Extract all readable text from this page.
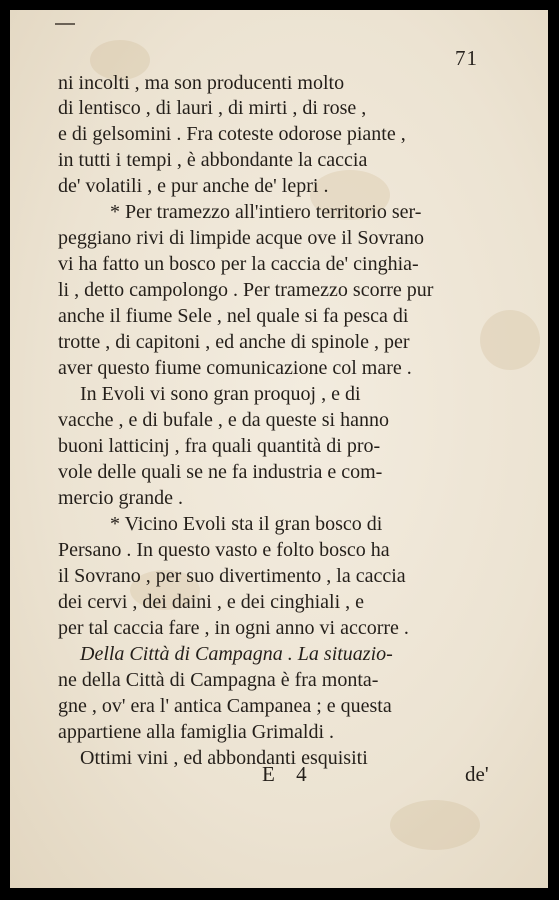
71
ni incolti , ma son producenti molto
di lentisco , di lauri , di mirti , di rose ,
e di gelsomini . Fra coteste odorose piante ,
in tutti i tempi , è abbondante la caccia
de' volatili , e pur anche de' lepri .
* Per tramezzo all'intiero territorio ser-
peggiano rivi di limpide acque ove il Sovrano
vi ha fatto un bosco per la caccia de' cinghia-
li , detto campolongo . Per tramezzo scorre pur
anche il fiume Sele , nel quale si fa pesca di
trotte , di capitoni , ed anche di spinole , per
aver questo fiume comunicazione col mare .
In Evoli vi sono gran proquoj , e di
vacche , e di bufale , e da queste si hanno
buoni latticinj , fra quali quantità di pro-
vole delle quali se ne fa industria e com-
mercio grande .
* Vicino Evoli sta il gran bosco di
Persano . In questo vasto e folto bosco ha
il Sovrano , per suo divertimento , la caccia
dei cervi , dei daini , e dei cinghiali , e
per tal caccia fare , in ogni anno vi accorre .
Della Città di Campagna . La situazio-
ne della Città di Campagna è fra monta-
gne , ov' era l' antica Campanea ; e questa
appartiene alla famiglia Grimaldi .
Ottimi vini , ed abbondanti esquisiti
E 4	de'
